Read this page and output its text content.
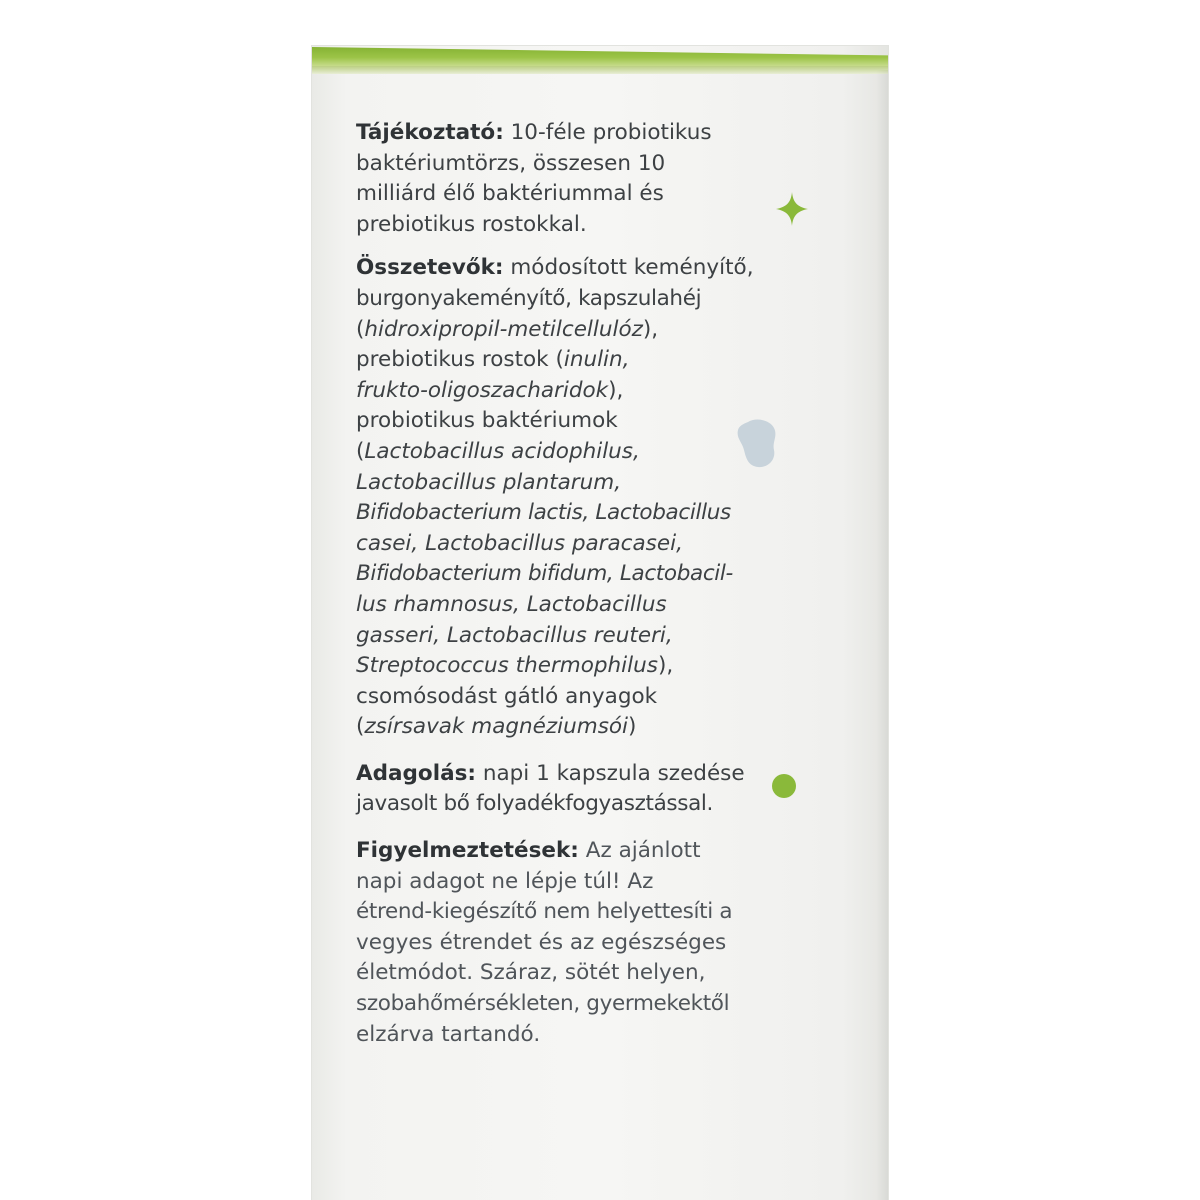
Tájékoztató: 10-féle probiotikus
baktériumtörzs, összesen 10
milliárd élő baktériummal és
prebiotikus rostokkal.
Összetevők: módosított keményítő,
burgonyakeményítő, kapszulahéj
(hidroxipropil-metilcellulóz),
prebiotikus rostok (inulin,
frukto-oligoszacharidok),
probiotikus baktériumok
(Lactobacillus acidophilus,
Lactobacillus plantarum,
Bifidobacterium lactis, Lactobacillus
casei, Lactobacillus paracasei,
Bifidobacterium bifidum, Lactobacil-
lus rhamnosus, Lactobacillus
gasseri, Lactobacillus reuteri,
Streptococcus thermophilus),
csomósodást gátló anyagok
(zsírsavak magnéziumsói)
Adagolás: napi 1 kapszula szedése
javasolt bő folyadékfogyasztással.
Figyelmeztetések: Az ajánlott
napi adagot ne lépje túl! Az
étrend-kiegészítő nem helyettesíti a
vegyes étrendet és az egészséges
életmódot. Száraz, sötét helyen,
szobahőmérsékleten, gyermekektől
elzárva tartandó.
